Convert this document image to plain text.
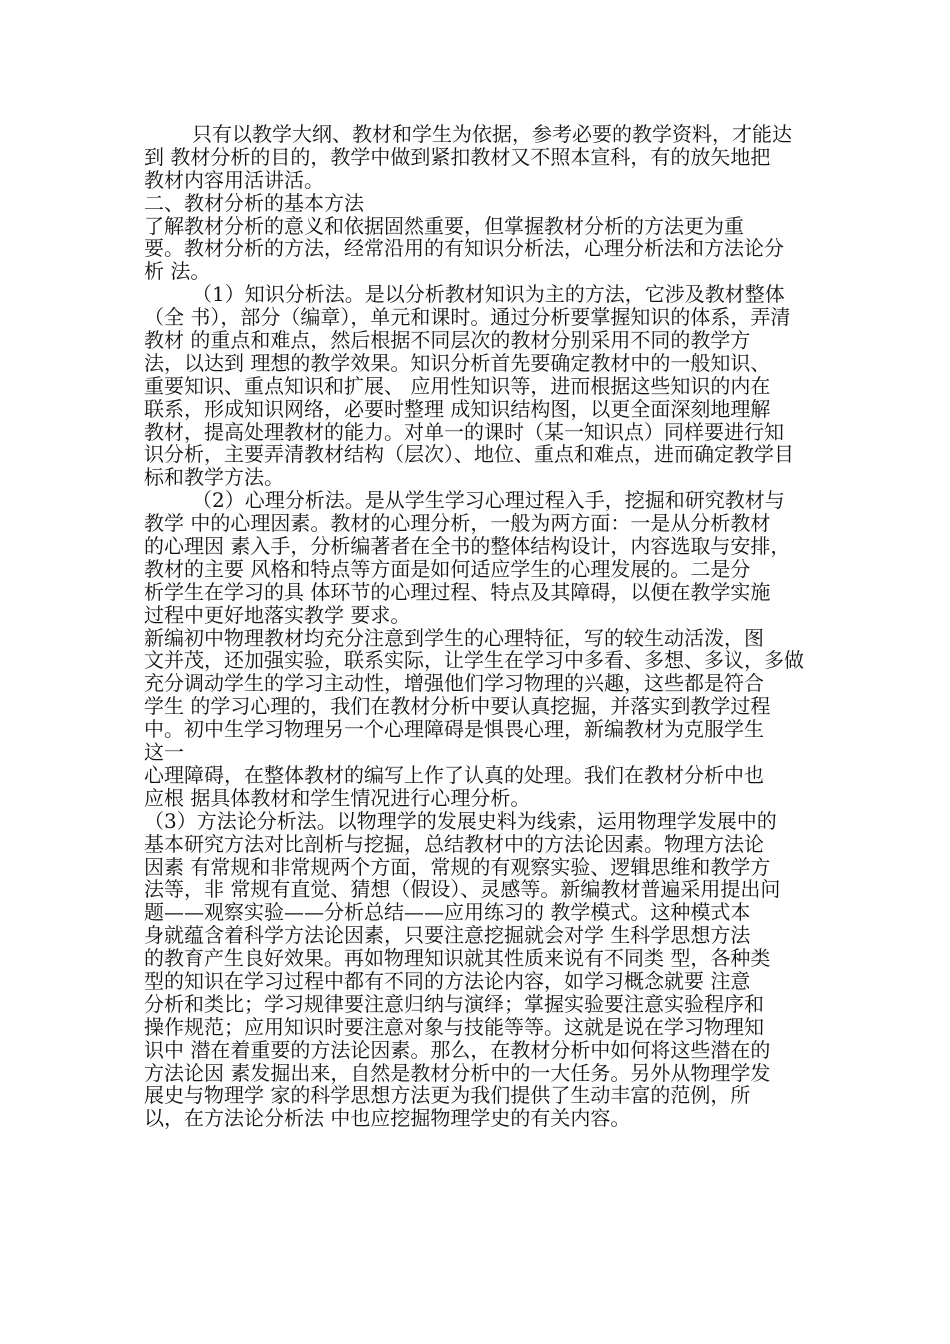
只有以教学大纲、教材和学生为依据，参考必要的教学资料，才能达
到 教材分析的目的，教学中做到紧扣教材又不照本宣科，有的放矢地把
教材内容用活讲活。
二、教材分析的基本方法
了解教材分析的意义和依据固然重要，但掌握教材分析的方法更为重
要。教材分析的方法，经常沿用的有知识分析法，心理分析法和方法论分
析 法。
（1）知识分析法。是以分析教材知识为主的方法，它涉及教材整体
（全 书），部分（编章），单元和课时。通过分析要掌握知识的体系，弄清
教材 的重点和难点，然后根据不同层次的教材分别采用不同的教学方
法，以达到 理想的教学效果。知识分析首先要确定教材中的一般知识、
重要知识、重点知识和扩展、 应用性知识等，进而根据这些知识的内在
联系，形成知识网络，必要时整理 成知识结构图，以更全面深刻地理解
教材，提高处理教材的能力。对单一的课时（某一知识点）同样要进行知
识分析，主要弄清教材结构（层次）、地位、重点和难点，进而确定教学目
标和教学方法。
（2）心理分析法。是从学生学习心理过程入手，挖掘和研究教材与
教学 中的心理因素。教材的心理分析，一般为两方面：一是从分析教材
的心理因 素入手，分析编著者在全书的整体结构设计，内容选取与安排，
教材的主要 风格和特点等方面是如何适应学生的心理发展的。二是分
析学生在学习的具 体环节的心理过程、特点及其障碍，以便在教学实施
过程中更好地落实教学 要求。
新编初中物理教材均充分注意到学生的心理特征，写的较生动活泼，图
文并茂，还加强实验，联系实际，让学生在学习中多看、多想、多议，多做
充分调动学生的学习主动性，增强他们学习物理的兴趣，这些都是符合
学生 的学习心理的，我们在教材分析中要认真挖掘，并落实到教学过程
中。初中生学习物理另一个心理障碍是惧畏心理，新编教材为克服学生
这一
心理障碍，在整体教材的编写上作了认真的处理。我们在教材分析中也
应根 据具体教材和学生情况进行心理分析。
（3）方法论分析法。以物理学的发展史料为线索，运用物理学发展中的
基本研究方法对比剖析与挖掘，总结教材中的方法论因素。物理方法论
因素 有常规和非常规两个方面，常规的有观察实验、逻辑思维和教学方
法等，非 常规有直觉、猜想（假设）、灵感等。新编教材普遍采用提出问
题——观察实验——分析总结——应用练习的 教学模式。这种模式本
身就蕴含着科学方法论因素，只要注意挖掘就会对学 生科学思想方法
的教育产生良好效果。再如物理知识就其性质来说有不同类 型，各种类
型的知识在学习过程中都有不同的方法论内容，如学习概念就要 注意
分析和类比；学习规律要注意归纳与演绎；掌握实验要注意实验程序和
操作规范；应用知识时要注意对象与技能等等。这就是说在学习物理知
识中 潜在着重要的方法论因素。那么，在教材分析中如何将这些潜在的
方法论因 素发掘出来，自然是教材分析中的一大任务。另外从物理学发
展史与物理学 家的科学思想方法更为我们提供了生动丰富的范例，所
以，在方法论分析法 中也应挖掘物理学史的有关内容。
